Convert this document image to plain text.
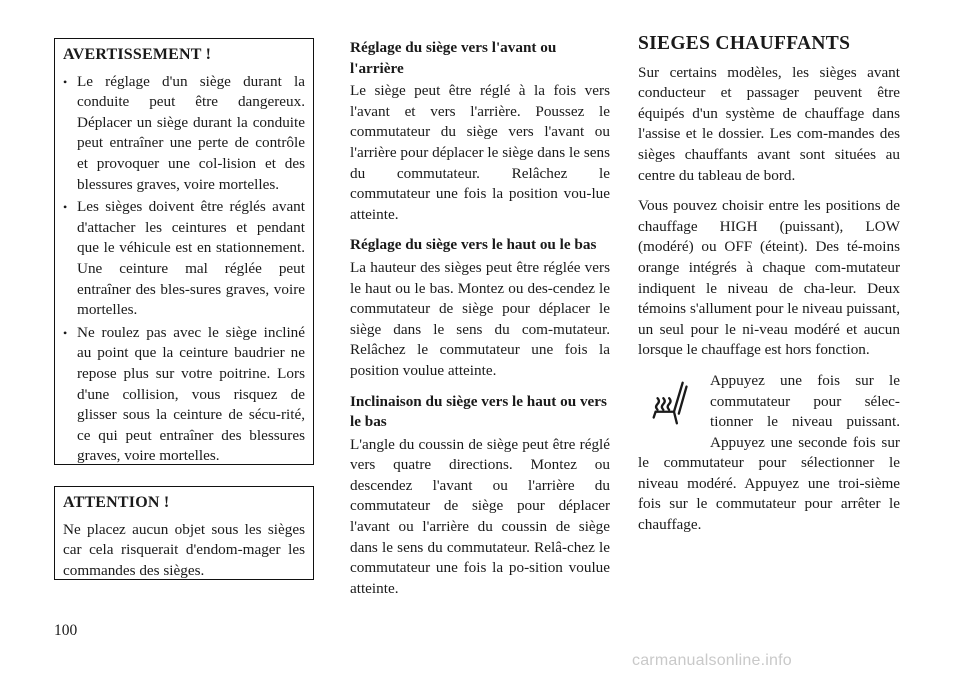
AVERTISSEMENT !
• Le réglage d'un siège durant la conduite peut être dangereux. Déplacer un siège durant la conduite peut entraîner une perte de contrôle et provoquer une col-lision et des blessures graves, voire mortelles.
• Les sièges doivent être réglés avant d'attacher les ceintures et pendant que le véhicule est en stationnement. Une ceinture mal réglée peut entraîner des bles-sures graves, voire mortelles.
• Ne roulez pas avec le siège incliné au point que la ceinture baudrier ne repose plus sur votre poitrine. Lors d'une collision, vous risquez de glisser sous la ceinture de sécu-rité, ce qui peut entraîner des blessures graves, voire mortelles.
ATTENTION !

Ne placez aucun objet sous les sièges car cela risquerait d'endom-mager les commandes des sièges.

Réglage du siège vers l'avant ou l'arrière

Le siège peut être réglé à la fois vers l'avant et vers l'arrière. Poussez le commutateur du siège vers l'avant ou l'arrière pour déplacer le siège dans le sens du commutateur. Relâchez le commutateur une fois la position vou-lue atteinte.

Réglage du siège vers le haut ou le bas

La hauteur des sièges peut être réglée vers le haut ou le bas. Montez ou des-cendez le commutateur de siège pour déplacer le siège dans le sens du com-mutateur. Relâchez le commutateur une fois la position voulue atteinte.

Inclinaison du siège vers le haut ou vers le bas

L'angle du coussin de siège peut être réglé vers quatre directions. Montez ou descendez l'avant ou l'arrière du commutateur de siège pour déplacer l'avant ou l'arrière du coussin de siège dans le sens du commutateur. Relâ-chez le commutateur une fois la po-sition voulue atteinte.

SIEGES CHAUFFANTS

Sur certains modèles, les sièges avant conducteur et passager peuvent être équipés d'un système de chauffage dans l'assise et le dossier. Les com-mandes des sièges chauffants avant sont situées au centre du tableau de bord.

Vous pouvez choisir entre les positions de chauffage HIGH (puissant), LOW (modéré) ou OFF (éteint). Des té-moins orange intégrés à chaque com-mutateur indiquent le niveau de cha-leur. Deux témoins s'allument pour le niveau puissant, un seul pour le ni-veau modéré et aucun lorsque le chauffage est hors fonction.

Appuyez une fois sur le commutateur pour sélec-tionner le niveau puissant. Appuyez une seconde fois sur le commutateur pour sélectionner le niveau modéré. Appuyez une troi-sième fois sur le commutateur pour arrêter le chauffage.

100
carmanualsonline.info
